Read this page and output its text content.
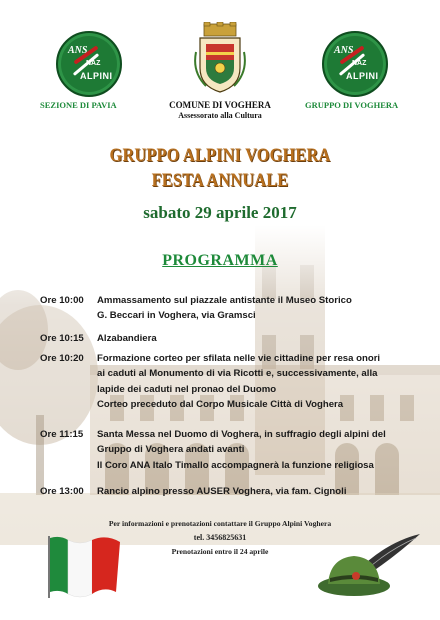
ANS
NAZ
ALPINI
SEZIONE DI PAVIA	COMUNE DI VOGHERA
Assessorato alla Cultura
ANS
NAZ
ALPINI
GRUPPO DI VOGHERA
GRUPPO ALPINI VOGHERA
FESTA ANNUALE
sabato 29 aprile 2017
PROGRAMMA
Ore 10:00	Ammassamento sul piazzale antistante il Museo Storico
G. Beccari in Voghera, via Gramsci
Ore 10:15	Alzabandiera
Ore 10:20	Formazione corteo per sfilata nelle vie cittadine per resa onori
ai caduti al Monumento di via Ricotti e, successivamente, alla
lapide dei caduti nel pronao del Duomo
Corteo preceduto dal Corpo Musicale Città di Voghera
Ore 11:15	Santa Messa nel Duomo di Voghera, in suffragio degli alpini del
Gruppo di Voghera andati avanti
Il Coro ANA Italo Timallo accompagnerà la funzione religiosa
Ore 13:00	Rancio alpino presso AUSER Voghera, via fam. Cignoli
Per informazioni e prenotazioni contattare il Gruppo Alpini Voghera
tel. 3456825631
Prenotazioni entro il 24 aprile
